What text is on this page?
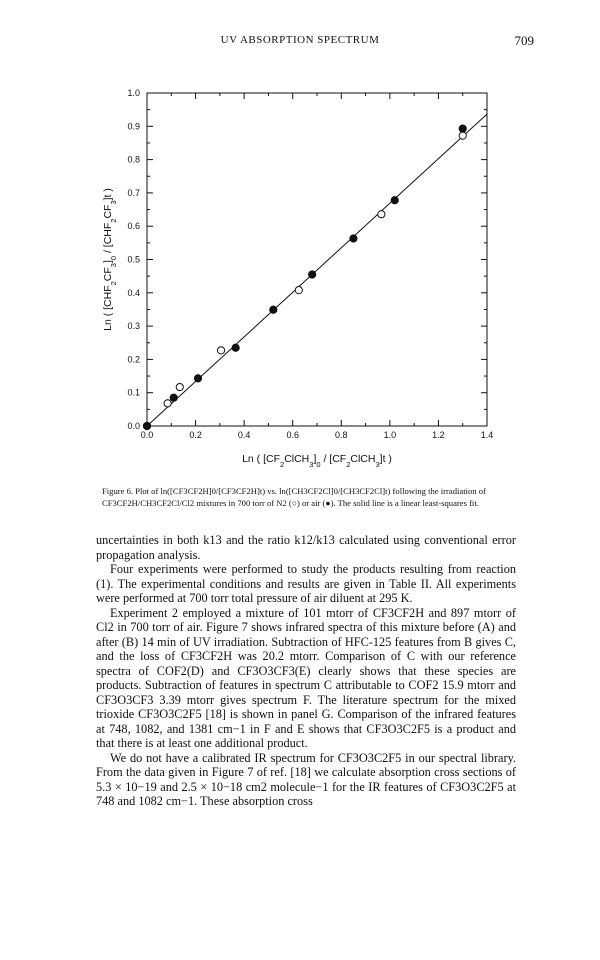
UV ABSORPTION SPECTRUM	709
0.0	0.2	0.4	0.6	0.8	1.0	1.2	1.4
0.0
0.1
0.2
0.3
0.4
0.5
0.6
0.7
0.8
0.9
1.0
Ln ( $[CF_2ClCH_3]_0$ / $[CF_2ClCH_3]t$ )
Ln ( $[CHF_2CF_3]_0 / [CHF_2CF_3]t$ )
Figure 6. Plot of ln([CF3CF2H]0/[CF3CF2H]t) vs. ln([CH3CF2Cl]0/[CH3CF2Cl]t) following the irradiation of CF3CF2H/CH3CF2Cl/Cl2 mixtures in 700 torr of N2 (○) or air (●). The solid line is a linear least-squares fit.

uncertainties in both k13 and the ratio k12/k13 calculated using conventional error propagation analysis.

Four experiments were performed to study the products resulting from reaction (1). The experimental conditions and results are given in Table II. All experiments were performed at 700 torr total pressure of air diluent at 295 K.

Experiment 2 employed a mixture of 101 mtorr of CF3CF2H and 897 mtorr of Cl2 in 700 torr of air. Figure 7 shows infrared spectra of this mixture before (A) and after (B) 14 min of UV irradiation. Subtraction of HFC-125 features from B gives C, and the loss of CF3CF2H was 20.2 mtorr. Comparison of C with our reference spectra of COF2(D) and CF3O3CF3(E) clearly shows that these species are products. Subtraction of features in spectrum C attributable to COF2 15.9 mtorr and CF3O3CF3 3.39 mtorr gives spectrum F. The literature spectrum for the mixed trioxide CF3O3C2F5 [18] is shown in panel G. Comparison of the infrared features at 748, 1082, and 1381 cm−1 in F and E shows that CF3O3C2F5 is a product and that there is at least one additional product.

We do not have a calibrated IR spectrum for CF3O3C2F5 in our spectral library. From the data given in Figure 7 of ref. [18] we calculate absorption cross sections of 5.3 × 10−19 and 2.5 × 10−18 cm2 molecule−1 for the IR features of CF3O3C2F5 at 748 and 1082 cm−1. These absorption cross
